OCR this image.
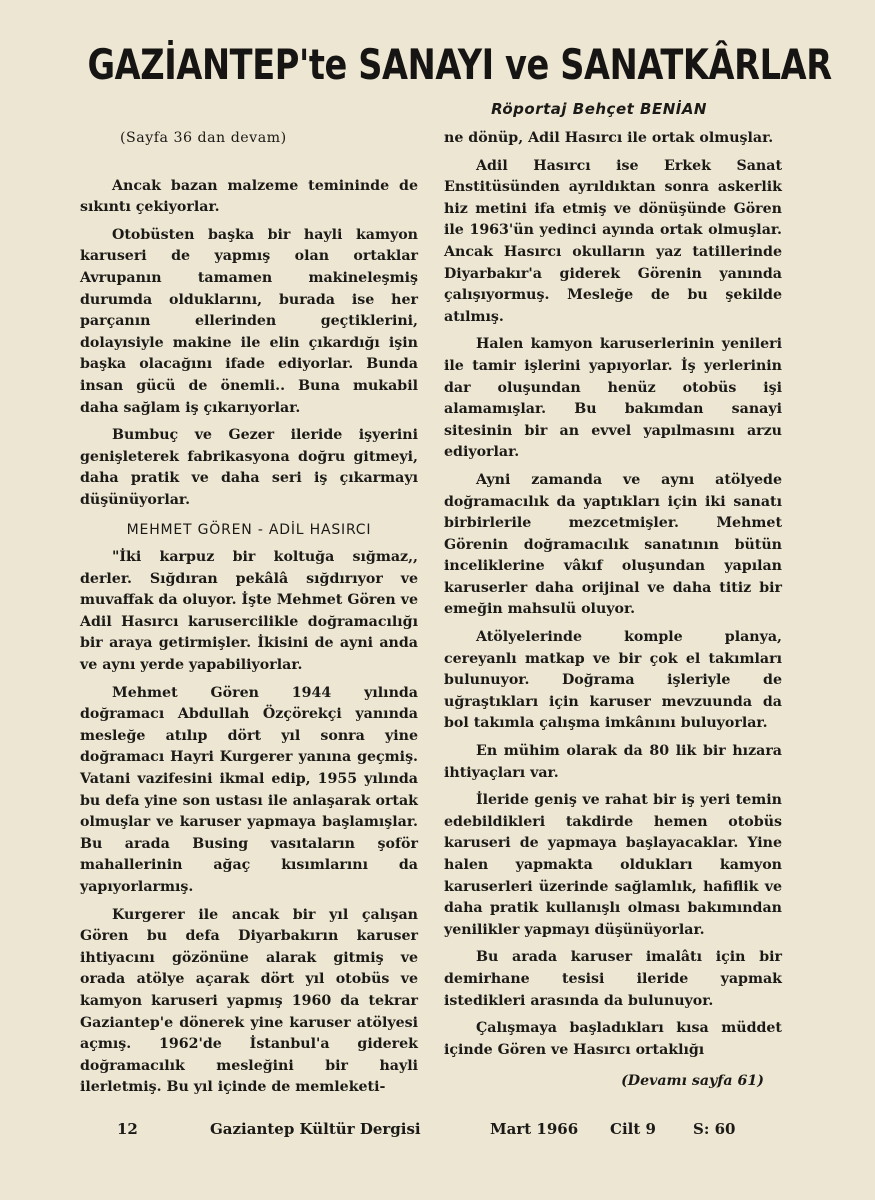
GAZİANTEP'te SANAYI ve SANATKÂRLAR
Röportaj Behçet BENİAN

(Sayfa 36 dan devam)

Ancak bazan malzeme temininde de sıkıntı çekiyorlar.

Otobüsten başka bir hayli kamyon karuseri de yapmış olan ortaklar Avrupanın tamamen makineleşmiş durumda olduklarını, burada ise her parçanın ellerinden geçtiklerini, dolayısiyle makine ile elin çıkardığı işin başka olacağını ifade ediyorlar. Bunda insan gücü de önemli.. Buna mukabil daha sağlam iş çıkarıyorlar.

Bumbuç ve Gezer ileride işyerini genişleterek fabrikasyona doğru gitmeyi, daha pratik ve daha seri iş çıkarmayı düşünüyorlar.

MEHMET GÖREN - ADİL HASIRCI

"İki karpuz bir koltuğa sığmaz,, derler. Sığdıran pekâlâ sığdırıyor ve muvaffak da oluyor. İşte Mehmet Gören ve Adil Hasırcı karusercilikle doğramacılığı bir araya getirmişler. İkisini de ayni anda ve aynı yerde yapabiliyorlar.

Mehmet Gören 1944 yılında doğramacı Abdullah Özçörekçi yanında mesleğe atılıp dört yıl sonra yine doğramacı Hayri Kurgerer yanına geçmiş. Vatani vazifesini ikmal edip, 1955 yılında bu defa yine son ustası ile anlaşarak ortak olmuşlar ve karuser yapmaya başlamışlar. Bu arada Busing vasıtaların şoför mahallerinin ağaç kısımlarını da yapıyorlarmış.

Kurgerer ile ancak bir yıl çalışan Gören bu defa Diyarbakırın karuser ihtiyacını gözönüne alarak gitmiş ve orada atölye açarak dört yıl otobüs ve kamyon karuseri yapmış 1960 da tekrar Gaziantep'e dönerek yine karuser atölyesi açmış. 1962'de İstanbul'a giderek doğramacılık mesleğini bir hayli ilerletmiş. Bu yıl içinde de memleketi-

ne dönüp, Adil Hasırcı ile ortak olmuşlar.

Adil Hasırcı ise Erkek Sanat Enstitüsünden ayrıldıktan sonra askerlik hiz metini ifa etmiş ve dönüşünde Gören ile 1963'ün yedinci ayında ortak olmuşlar. Ancak Hasırcı okulların yaz tatillerinde Diyarbakır'a giderek Görenin yanında çalışıyormuş. Mesleğe de bu şekilde atılmış.

Halen kamyon karuserlerinin yenileri ile tamir işlerini yapıyorlar. İş yerlerinin dar oluşundan henüz otobüs işi alamamışlar. Bu bakımdan sanayi sitesinin bir an evvel yapılmasını arzu ediyorlar.

Ayni zamanda ve aynı atölyede doğramacılık da yaptıkları için iki sanatı birbirlerile mezcetmişler. Mehmet Görenin doğramacılık sanatının bütün inceliklerine vâkıf oluşundan yapılan karuserler daha orijinal ve daha titiz bir emeğin mahsulü oluyor.

Atölyelerinde komple planya, cereyanlı matkap ve bir çok el takımları bulunuyor. Doğrama işleriyle de uğraştıkları için karuser mevzuunda da bol takımla çalışma imkânını buluyorlar.

En mühim olarak da 80 lik bir hızara ihtiyaçları var.

İleride geniş ve rahat bir iş yeri temin edebildikleri takdirde hemen otobüs karuseri de yapmaya başlayacaklar. Yine halen yapmakta oldukları kamyon karuserleri üzerinde sağlamlık, hafiflik ve daha pratik kullanışlı olması bakımından yenilikler yapmayı düşünüyorlar.

Bu arada karuser imalâtı için bir demirhane tesisi ileride yapmak istedikleri arasında da bulunuyor.

Çalışmaya başladıkları kısa müddet içinde Gören ve Hasırcı ortaklığı

(Devamı sayfa 61)

12	Gaziantep Kültür Dergisi	Mart 1966 Cilt 9 S: 60
